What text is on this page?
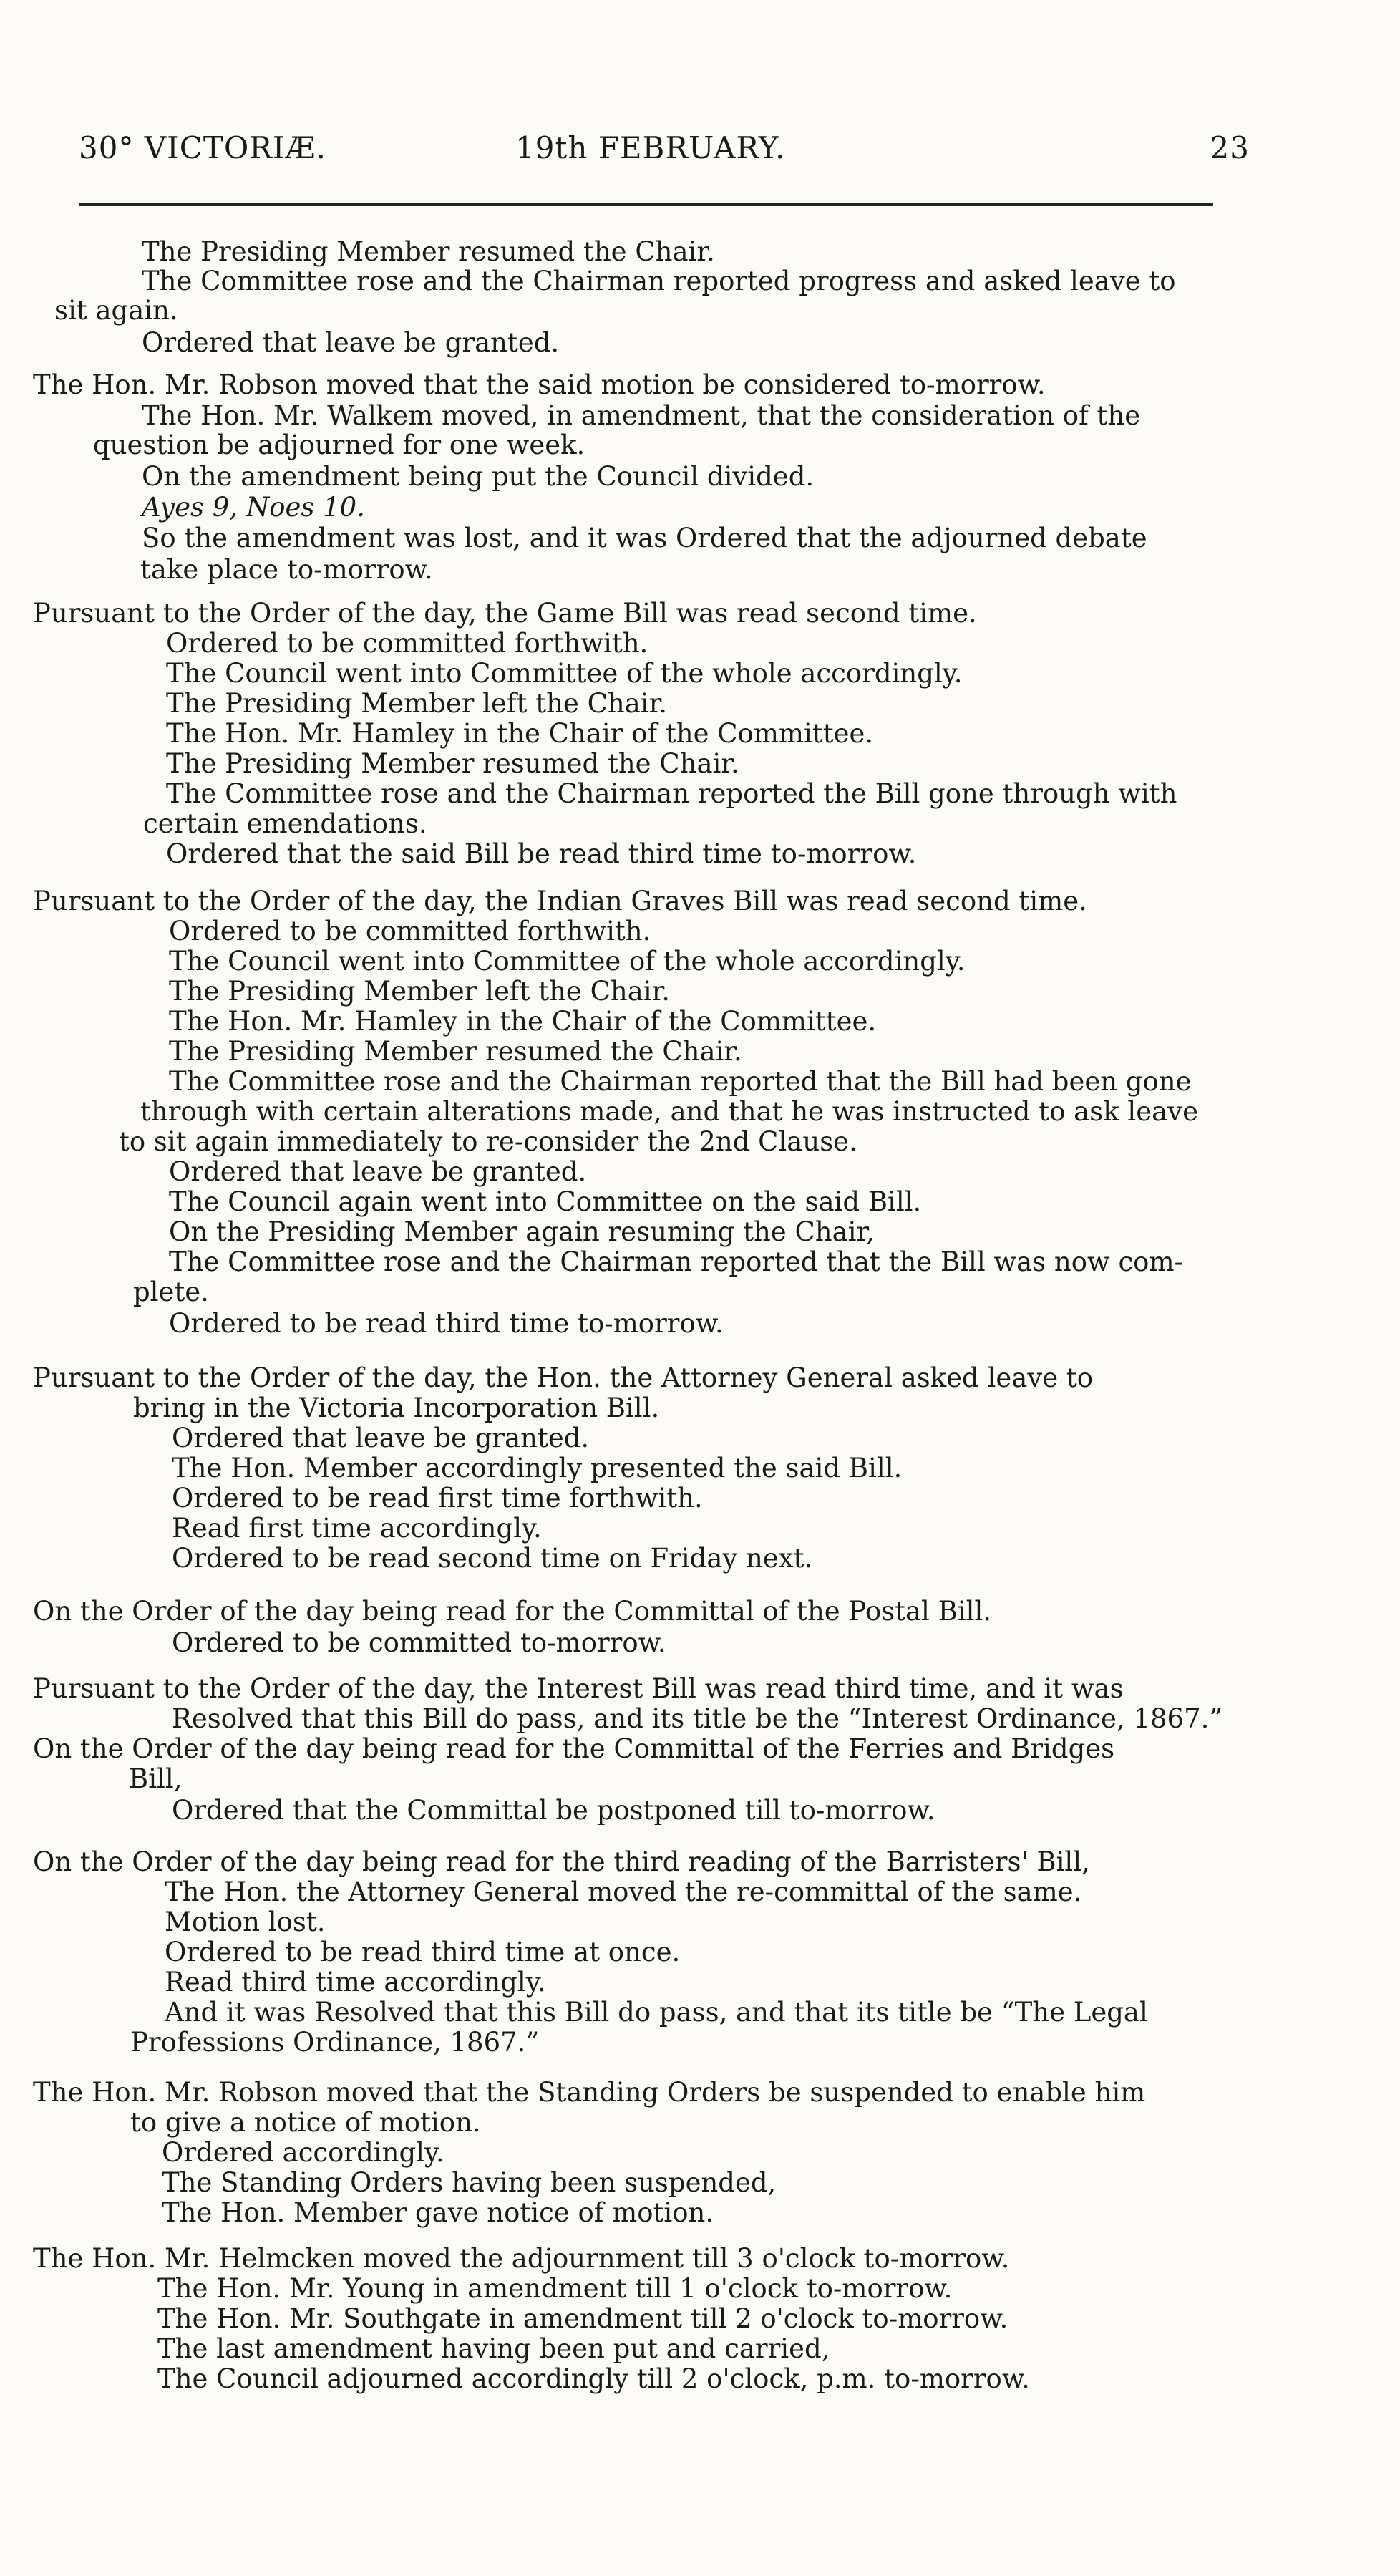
30° VICTORIÆ.	19th FEBRUARY.	23
The Presiding Member resumed the Chair.
The Committee rose and the Chairman reported progress and asked leave to
sit again.
Ordered that leave be granted.
The Hon. Mr. Robson moved that the said motion be considered to-morrow.
The Hon. Mr. Walkem moved, in amendment, that the consideration of the
question be adjourned for one week.
On the amendment being put the Council divided.
Ayes 9, Noes 10.
So the amendment was lost, and it was Ordered that the adjourned debate
take place to-morrow.
Pursuant to the Order of the day, the Game Bill was read second time.
Ordered to be committed forthwith.
The Council went into Committee of the whole accordingly.
The Presiding Member left the Chair.
The Hon. Mr. Hamley in the Chair of the Committee.
The Presiding Member resumed the Chair.
The Committee rose and the Chairman reported the Bill gone through with
certain emendations.
Ordered that the said Bill be read third time to-morrow.
Pursuant to the Order of the day, the Indian Graves Bill was read second time.
Ordered to be committed forthwith.
The Council went into Committee of the whole accordingly.
The Presiding Member left the Chair.
The Hon. Mr. Hamley in the Chair of the Committee.
The Presiding Member resumed the Chair.
The Committee rose and the Chairman reported that the Bill had been gone
through with certain alterations made, and that he was instructed to ask leave
to sit again immediately to re-consider the 2nd Clause.
Ordered that leave be granted.
The Council again went into Committee on the said Bill.
On the Presiding Member again resuming the Chair,
The Committee rose and the Chairman reported that the Bill was now com-
plete.
Ordered to be read third time to-morrow.
Pursuant to the Order of the day, the Hon. the Attorney General asked leave to
bring in the Victoria Incorporation Bill.
Ordered that leave be granted.
The Hon. Member accordingly presented the said Bill.
Ordered to be read first time forthwith.
Read first time accordingly.
Ordered to be read second time on Friday next.
On the Order of the day being read for the Committal of the Postal Bill.
Ordered to be committed to-morrow.
Pursuant to the Order of the day, the Interest Bill was read third time, and it was
Resolved that this Bill do pass, and its title be the “Interest Ordinance, 1867.”
On the Order of the day being read for the Committal of the Ferries and Bridges
Bill,
Ordered that the Committal be postponed till to-morrow.
On the Order of the day being read for the third reading of the Barristers' Bill,
The Hon. the Attorney General moved the re-committal of the same.
Motion lost.
Ordered to be read third time at once.
Read third time accordingly.
And it was Resolved that this Bill do pass, and that its title be “The Legal
Professions Ordinance, 1867.”
The Hon. Mr. Robson moved that the Standing Orders be suspended to enable him
to give a notice of motion.
Ordered accordingly.
The Standing Orders having been suspended,
The Hon. Member gave notice of motion.
The Hon. Mr. Helmcken moved the adjournment till 3 o'clock to-morrow.
The Hon. Mr. Young in amendment till 1 o'clock to-morrow.
The Hon. Mr. Southgate in amendment till 2 o'clock to-morrow.
The last amendment having been put and carried,
The Council adjourned accordingly till 2 o'clock, p.m. to-morrow.
